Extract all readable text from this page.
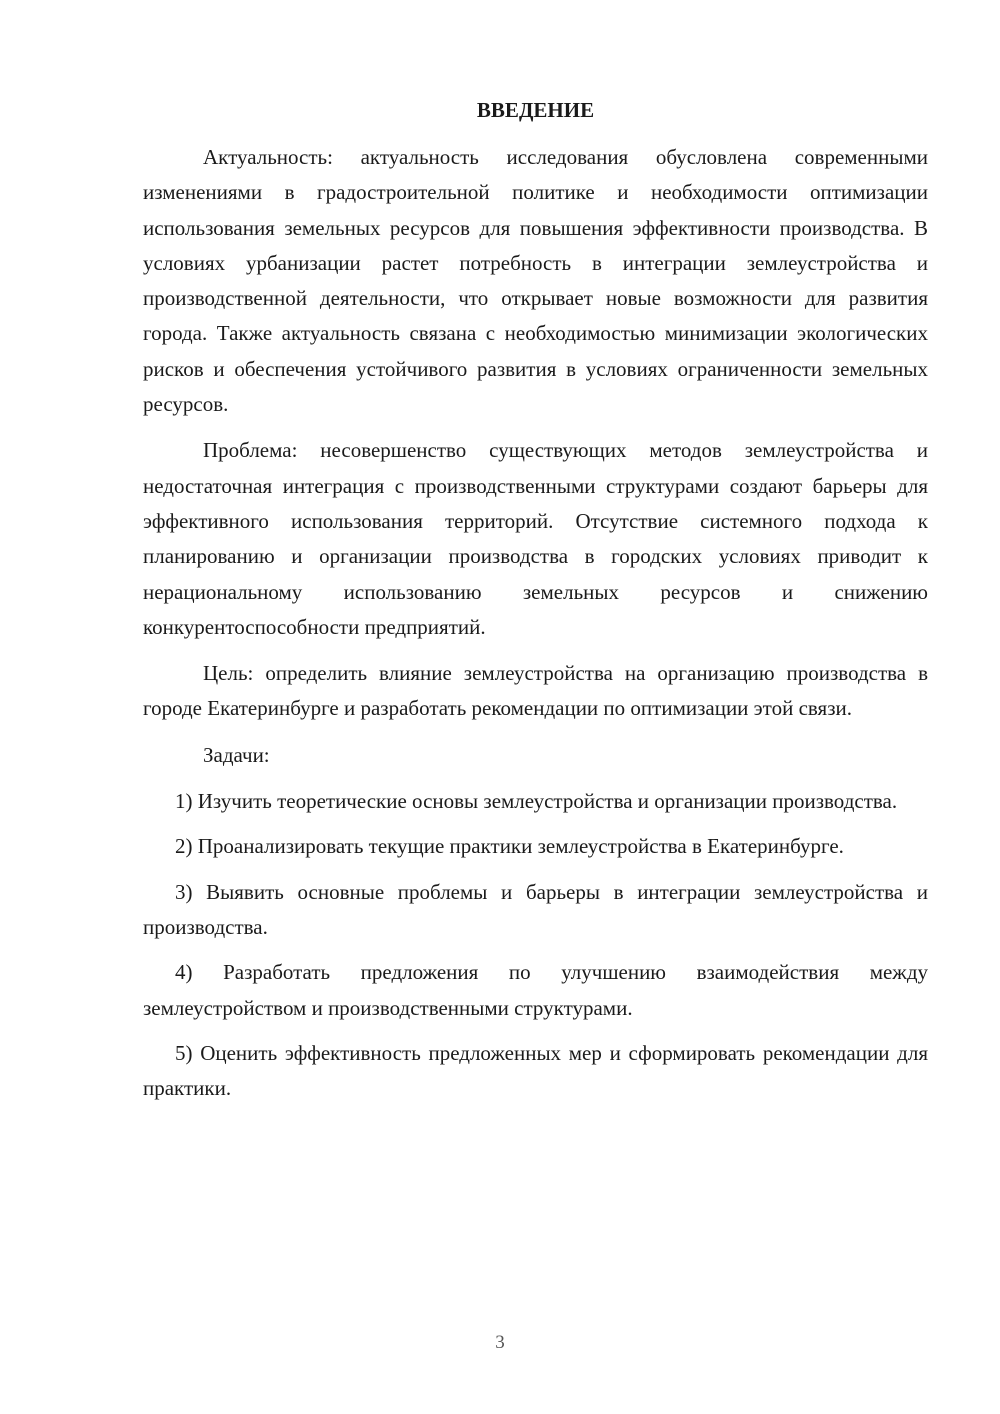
ВВЕДЕНИЕ

Актуальность: актуальность исследования обусловлена современными изменениями в градостроительной политике и необходимости оптимизации использования земельных ресурсов для повышения эффективности производства. В условиях урбанизации растет потребность в интеграции землеустройства и производственной деятельности, что открывает новые возможности для развития города. Также актуальность связана с необходимостью минимизации экологических рисков и обеспечения устойчивого развития в условиях ограниченности земельных ресурсов.

Проблема: несовершенство существующих методов землеустройства и недостаточная интеграция с производственными структурами создают барьеры для эффективного использования территорий. Отсутствие системного подхода к планированию и организации производства в городских условиях приводит к нерациональному использованию земельных ресурсов и снижению конкурентоспособности предприятий.

Цель: определить влияние землеустройства на организацию производства в городе Екатеринбурге и разработать рекомендации по оптимизации этой связи.

Задачи:

1) Изучить теоретические основы землеустройства и организации производства.

2) Проанализировать текущие практики землеустройства в Екатеринбурге.

3) Выявить основные проблемы и барьеры в интеграции землеустройства и производства.

4) Разработать предложения по улучшению взаимодействия между землеустройством и производственными структурами.

5) Оценить эффективность предложенных мер и сформировать рекомендации для практики.

3
